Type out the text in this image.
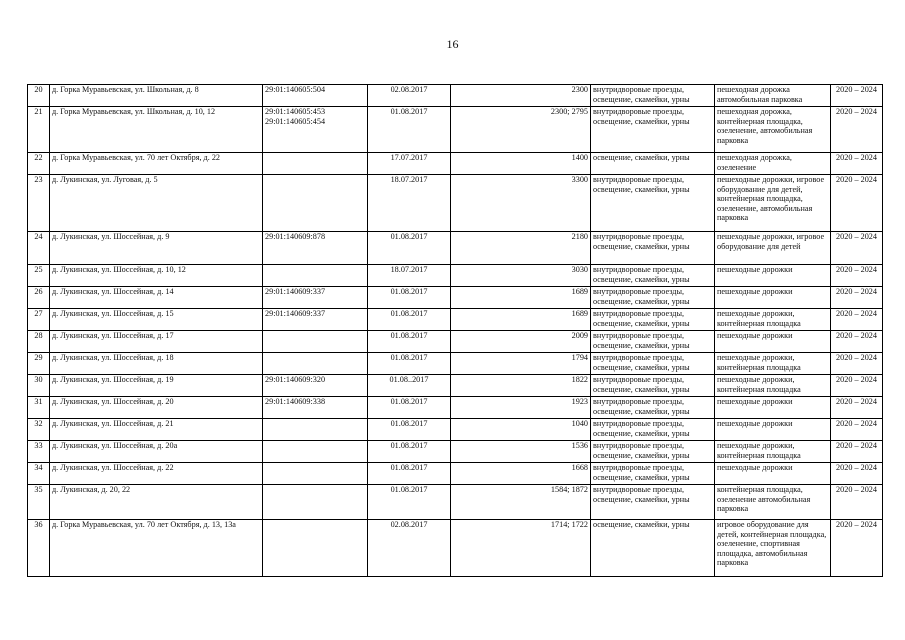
16
20	д. Горка Муравьевская, ул. Школьная, д. 8	29:01:140605:504	02.08.2017	2300	внутридворовые проезды, освещение, скамейки, урны	пешеходная дорожка автомобильная парковка	2020 – 2024
21	д. Горка Муравьевская, ул. Школьная, д. 10, 12	29:01:140605:453 29:01:140605:454	01.08.2017	2300; 2795	внутридворовые проезды, освещение, скамейки, урны	пешеходная дорожка, контейнерная площадка, озеленение, автомобильная парковка	2020 – 2024
22	д. Горка Муравьевская, ул. 70 лет Октября, д. 22		17.07.2017	1400	освещение, скамейки, урны	пешеходная дорожка, озеленение	2020 – 2024
23	д. Лукинская, ул. Луговая, д. 5		18.07.2017	3300	внутридворовые проезды, освещение, скамейки, урны	пешеходные дорожки, игровое оборудование для детей, контейнерная площадка, озеленение, автомобильная парковка	2020 – 2024
24	д. Лукинская, ул. Шоссейная, д. 9	29:01:140609:878	01.08.2017	2180	внутридворовые проезды, освещение, скамейки, урны	пешеходные дорожки, игровое оборудование для детей	2020 – 2024
25	д. Лукинская, ул. Шоссейная, д. 10, 12		18.07.2017	3030	внутридворовые проезды, освещение, скамейки, урны	пешеходные дорожки	2020 – 2024
26	д. Лукинская, ул. Шоссейная, д. 14	29:01:140609:337	01.08.2017	1689	внутридворовые проезды, освещение, скамейки, урны	пешеходные дорожки	2020 – 2024
27	д. Лукинская, ул. Шоссейная, д. 15	29:01:140609:337	01.08.2017	1689	внутридворовые проезды, освещение, скамейки, урны	пешеходные дорожки, контейнерная площадка	2020 – 2024
28	д. Лукинская, ул. Шоссейная, д. 17		01.08.2017	2009	внутридворовые проезды, освещение, скамейки, урны	пешеходные дорожки	2020 – 2024
29	д. Лукинская, ул. Шоссейная, д. 18		01.08.2017	1794	внутридворовые проезды, освещение, скамейки, урны	пешеходные дорожки, контейнерная площадка	2020 – 2024
30	д. Лукинская, ул. Шоссейная, д. 19	29:01:140609:320	01.08..2017	1822	внутридворовые проезды, освещение, скамейки, урны	пешеходные дорожки, контейнерная площадка	2020 – 2024
31	д. Лукинская, ул. Шоссейная, д. 20	29:01:140609:338	01.08.2017	1923	внутридворовые проезды, освещение, скамейки, урны	пешеходные дорожки	2020 – 2024
32	д. Лукинская, ул. Шоссейная, д. 21		01.08.2017	1040	внутридворовые проезды, освещение, скамейки, урны	пешеходные дорожки	2020 – 2024
33	д. Лукинская, ул. Шоссейная, д. 20а		01.08.2017	1536	внутридворовые проезды, освещение, скамейки, урны	пешеходные дорожки, контейнерная площадка	2020 – 2024
34	д. Лукинская, ул. Шоссейная, д. 22		01.08.2017	1668	внутридворовые проезды, освещение, скамейки, урны	пешеходные дорожки	2020 – 2024
35	д. Лукинская, д. 20, 22		01.08.2017	1584; 1872	внутридворовые проезды, освещение, скамейки, урны	контейнерная площадка, озеленение автомобильная парковка	2020 – 2024
36	д. Горка Муравьевская, ул. 70 лет Октября, д. 13, 13а		02.08.2017	1714; 1722	освещение, скамейки, урны	игровое оборудование для детей, контейнерная площадка, озеленение, спортивная площадка, автомобильная парковка	2020 – 2024
